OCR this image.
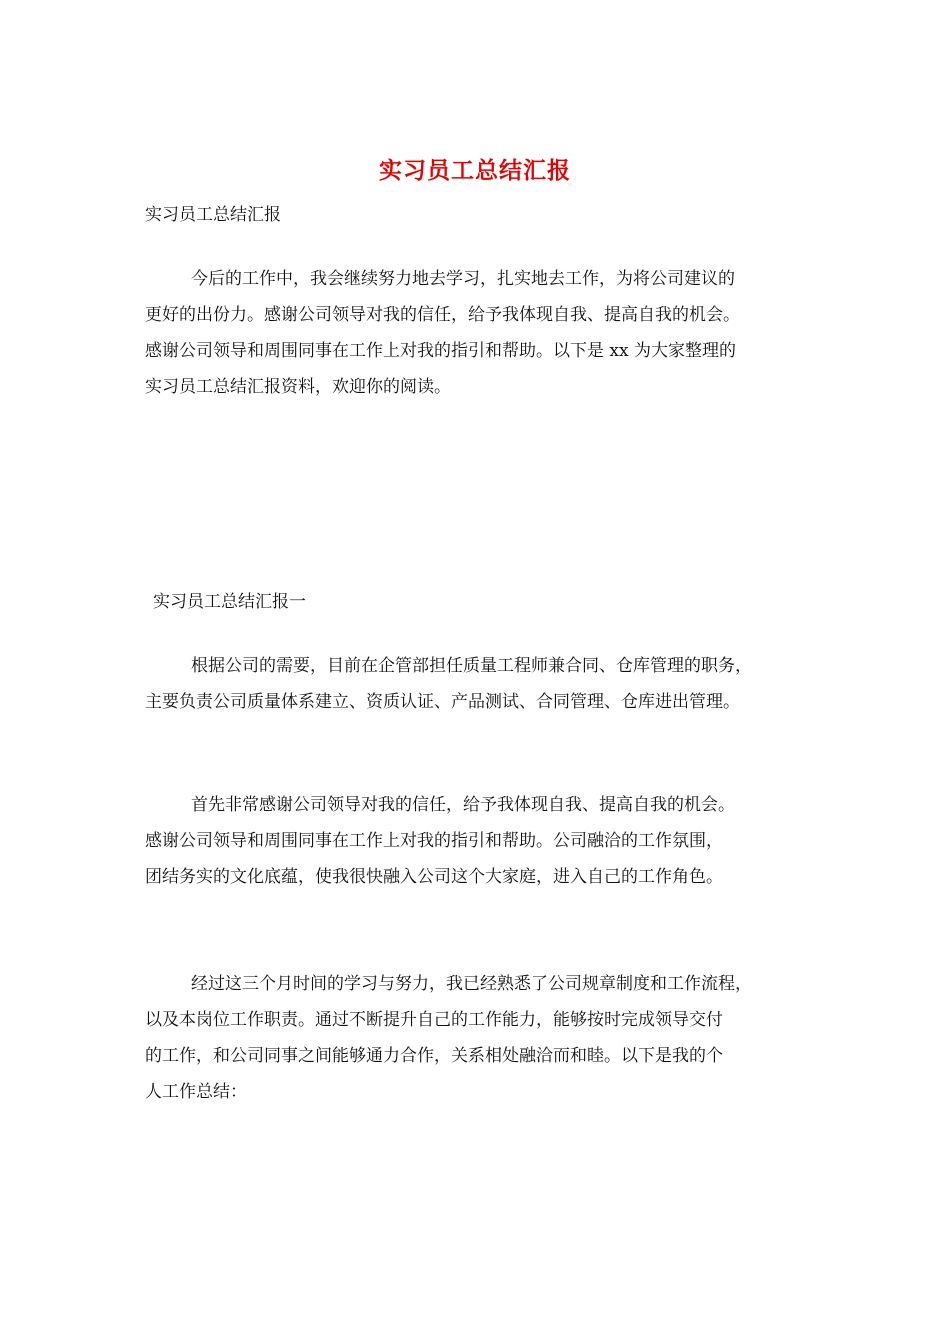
实习员工总结汇报
实习员工总结汇报
今后的工作中，我会继续努力地去学习，扎实地去工作，为将公司建议的
更好的出份力。感谢公司领导对我的信任，给予我体现自我、提高自我的机会。
感谢公司领导和周围同事在工作上对我的指引和帮助。以下是 xx 为大家整理的
实习员工总结汇报资料，欢迎你的阅读。
实习员工总结汇报一
根据公司的需要，目前在企管部担任质量工程师兼合同、仓库管理的职务，
主要负责公司质量体系建立、资质认证、产品测试、合同管理、仓库进出管理。
首先非常感谢公司领导对我的信任，给予我体现自我、提高自我的机会。
感谢公司领导和周围同事在工作上对我的指引和帮助。公司融洽的工作氛围，
团结务实的文化底蕴，使我很快融入公司这个大家庭，进入自己的工作角色。
经过这三个月时间的学习与努力，我已经熟悉了公司规章制度和工作流程，
以及本岗位工作职责。通过不断提升自己的工作能力，能够按时完成领导交付
的工作，和公司同事之间能够通力合作，关系相处融洽而和睦。以下是我的个
人工作总结：
